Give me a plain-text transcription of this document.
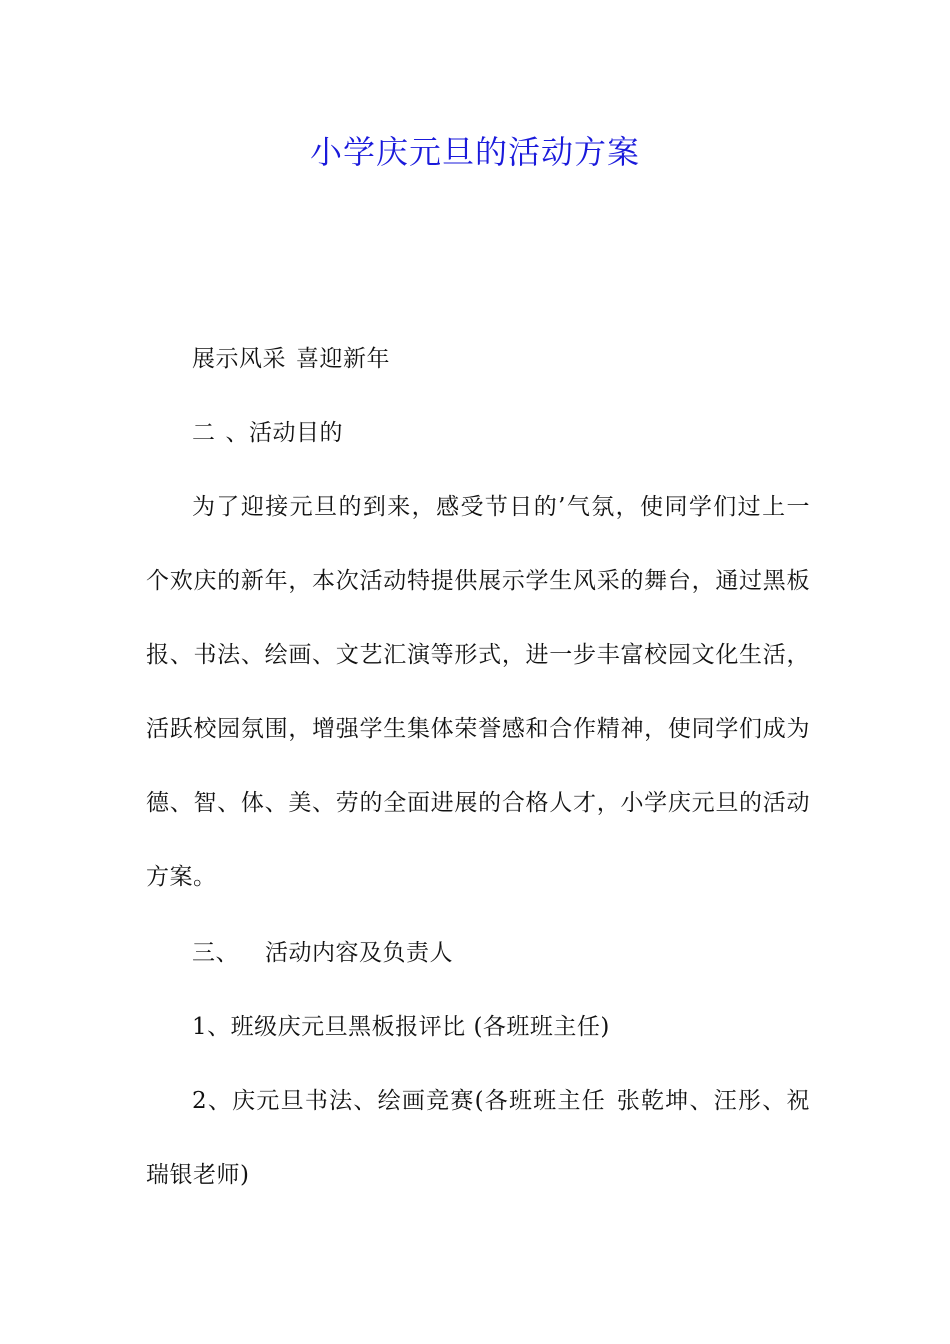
小学庆元旦的活动方案
展示风采 喜迎新年
二 、活动目的
为了迎接元旦的到来，感受节日的’气氛，使同学们过上一个欢庆的新年，本次活动特提供展示学生风采的舞台，通过黑板报、书法、绘画、文艺汇演等形式，进一步丰富校园文化生活，活跃校园氛围，增强学生集体荣誉感和合作精神，使同学们成为德、智、体、美、劳的全面进展的合格人才，小学庆元旦的活动方案。
三、 活动内容及负责人
1、班级庆元旦黑板报评比 (各班班主任)
2、庆元旦书法、绘画竞赛(各班班主任 张乾坤、汪彤、祝瑞银老师)
